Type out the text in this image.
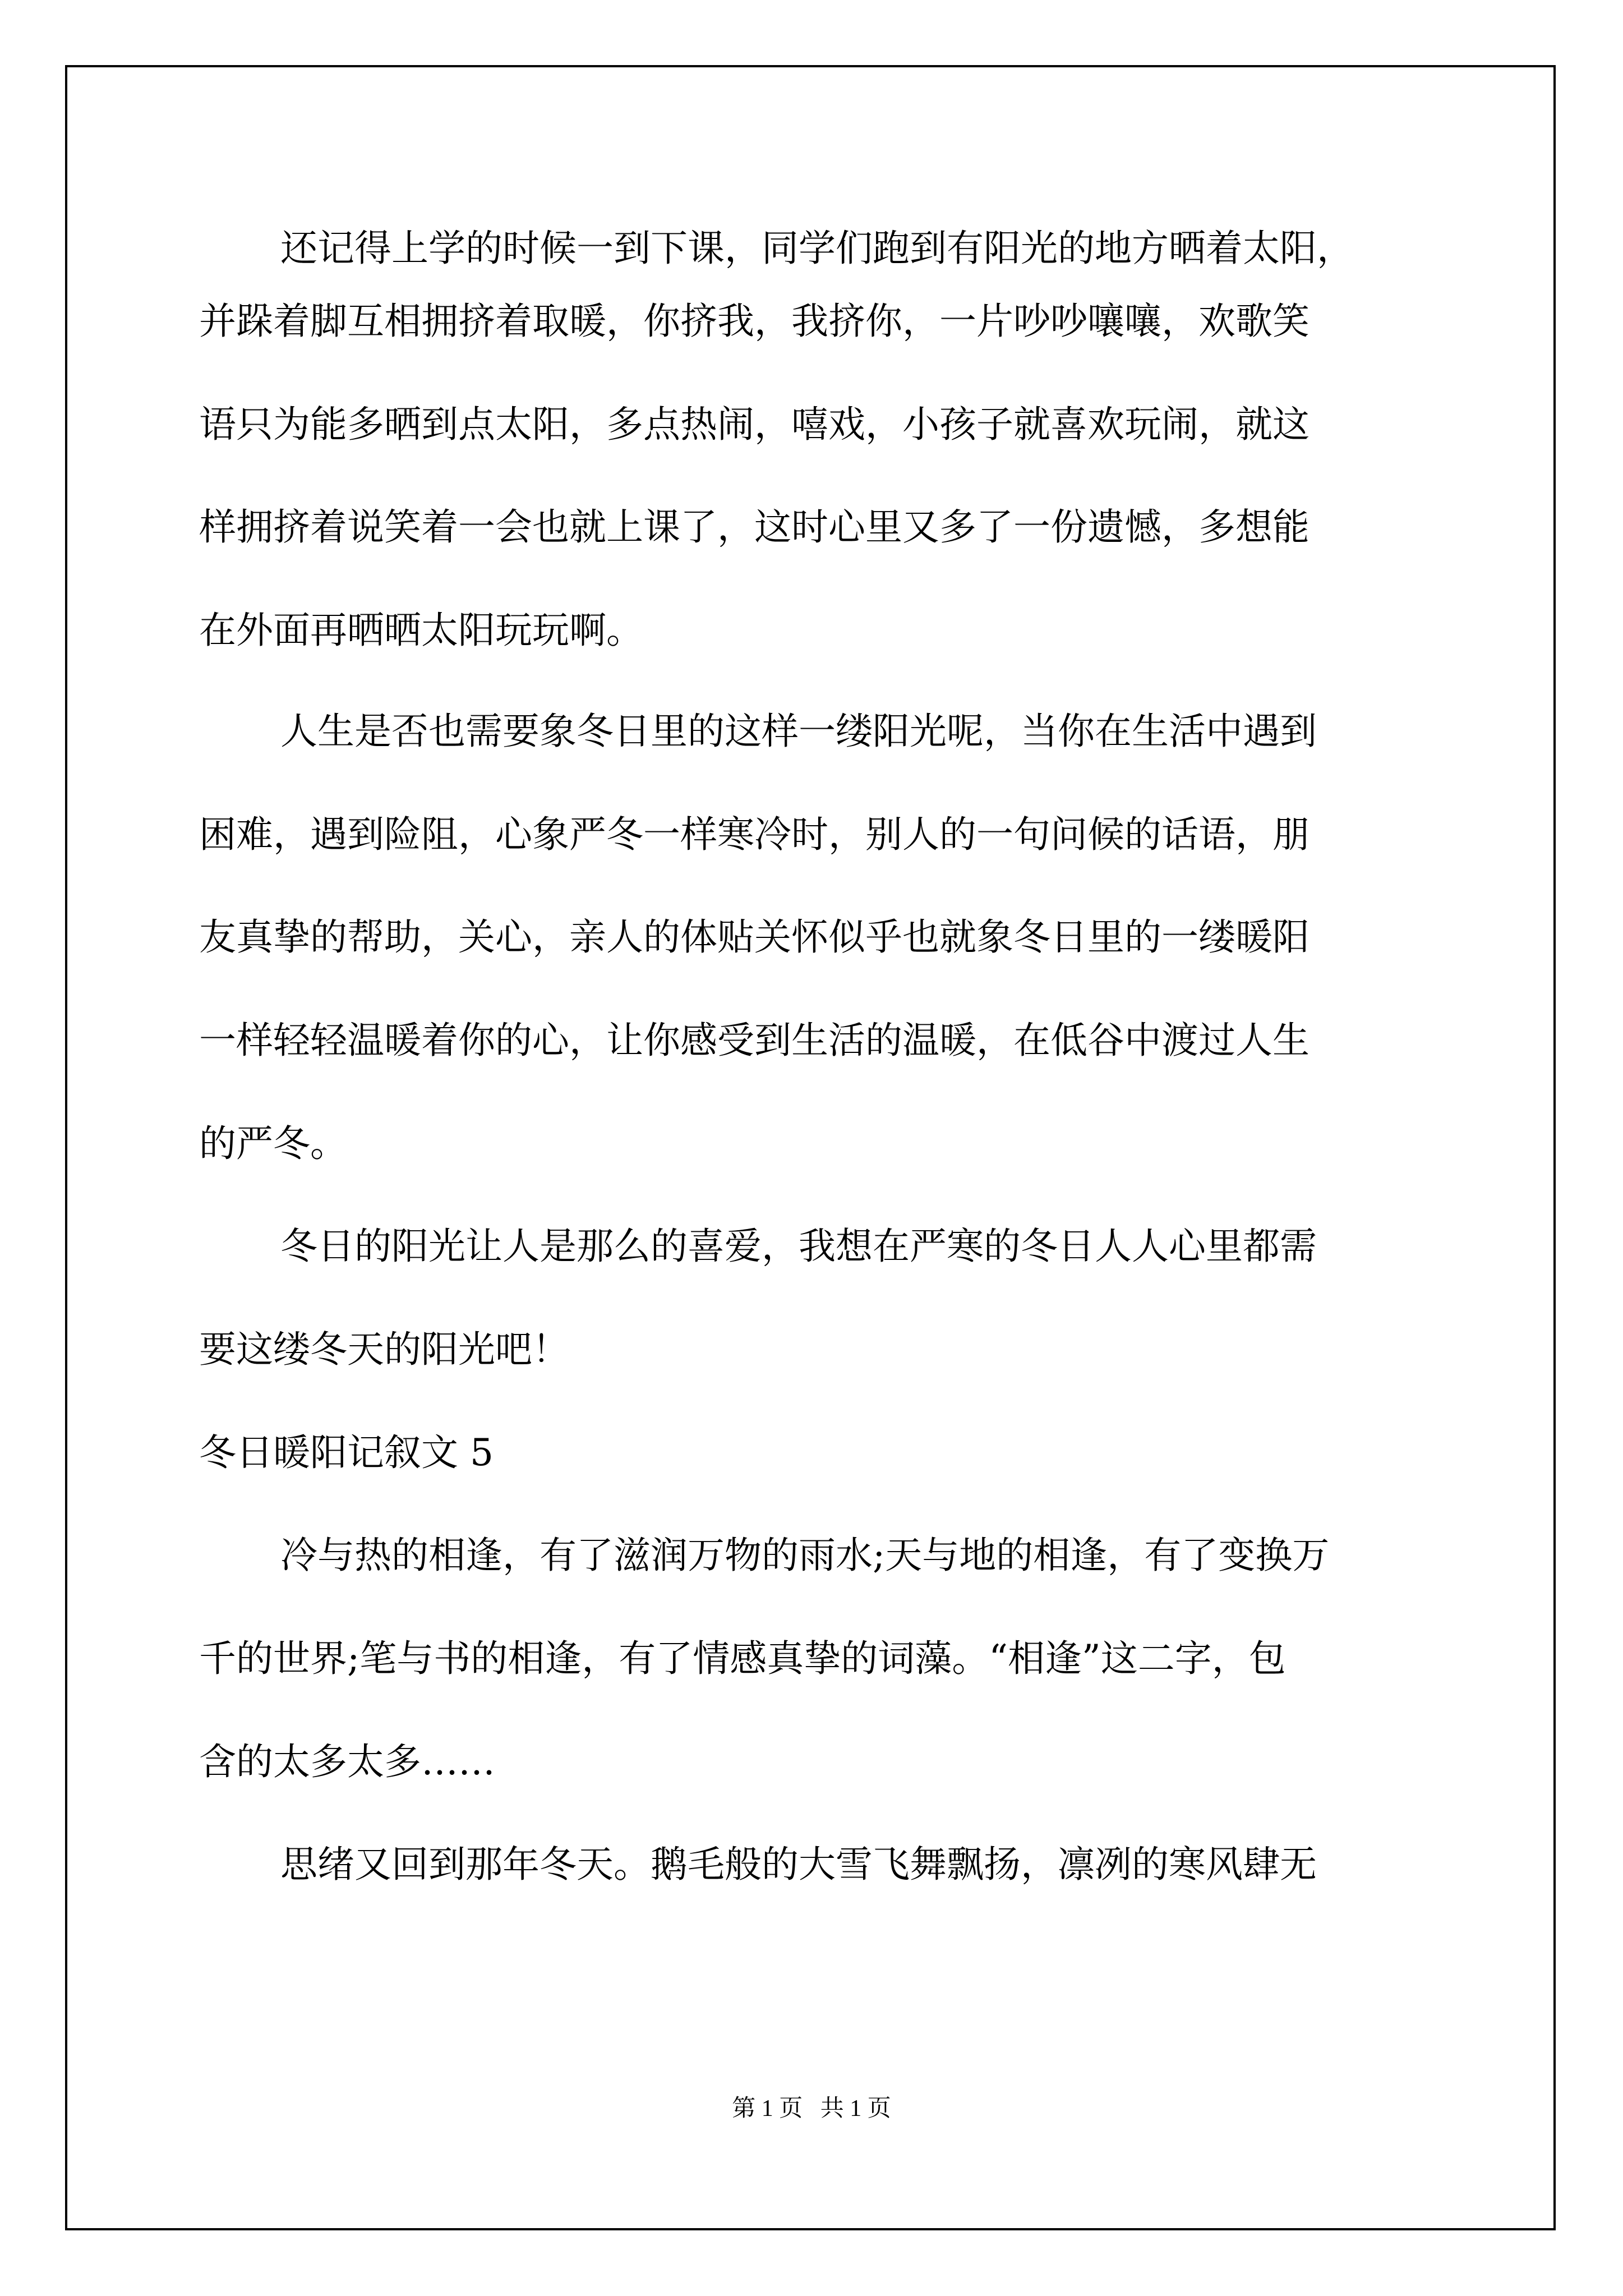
还记得上学的时候一到下课，同学们跑到有阳光的地方晒着太阳，
并跺着脚互相拥挤着取暖，你挤我，我挤你，一片吵吵嚷嚷，欢歌笑
语只为能多晒到点太阳，多点热闹，嘻戏，小孩子就喜欢玩闹，就这
样拥挤着说笑着一会也就上课了，这时心里又多了一份遗憾，多想能
在外面再晒晒太阳玩玩啊。
人生是否也需要象冬日里的这样一缕阳光呢，当你在生活中遇到
困难，遇到险阻，心象严冬一样寒冷时，别人的一句问候的话语，朋
友真挚的帮助，关心，亲人的体贴关怀似乎也就象冬日里的一缕暖阳
一样轻轻温暖着你的心，让你感受到生活的温暖，在低谷中渡过人生
的严冬。
冬日的阳光让人是那么的喜爱，我想在严寒的冬日人人心里都需
要这缕冬天的阳光吧！
冬日暖阳记叙文 5
冷与热的相逢，有了滋润万物的雨水;天与地的相逢，有了变换万
千的世界;笔与书的相逢，有了情感真挚的词藻。“相逢”这二字，包
含的太多太多……
思绪又回到那年冬天。鹅毛般的大雪飞舞飘扬，凛冽的寒风肆无
第 1 页   共 1 页
